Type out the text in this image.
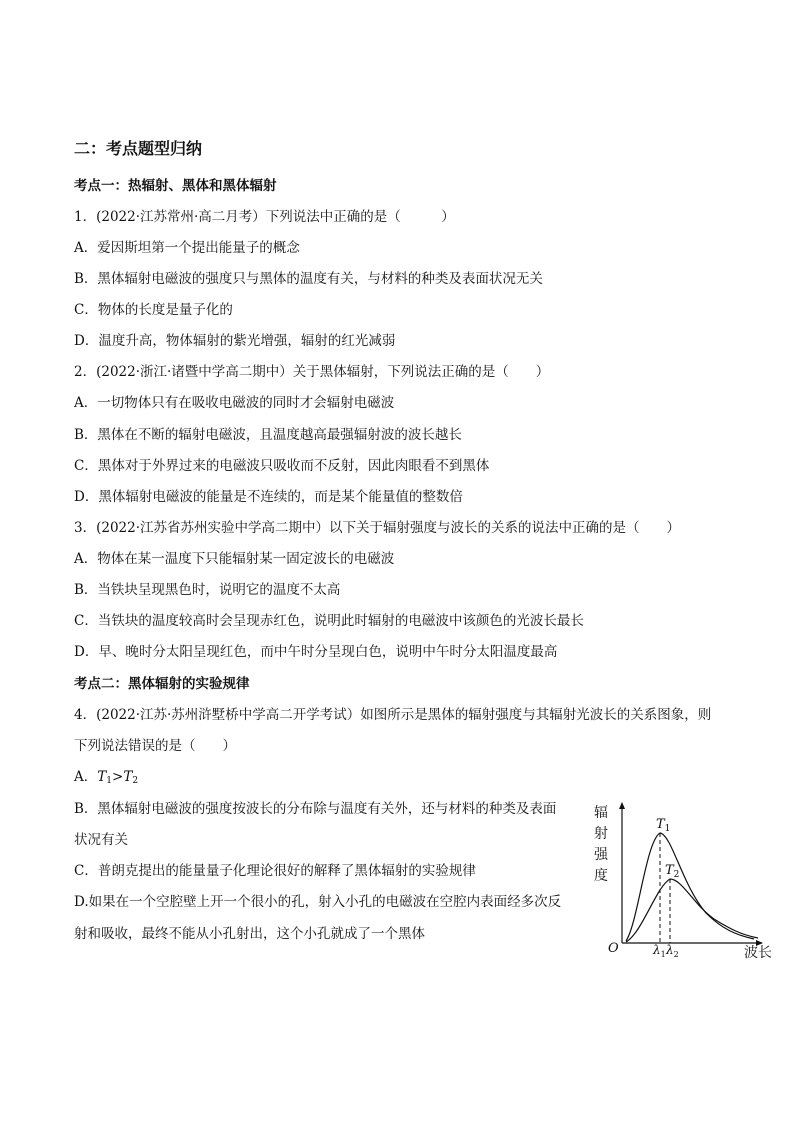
二：考点题型归纳
考点一：热辐射、黑体和黑体辐射
1．(2022·江苏常州·高二月考）下列说法中正确的是（　　　）
A．爱因斯坦第一个提出能量子的概念
B．黑体辐射电磁波的强度只与黑体的温度有关，与材料的种类及表面状况无关
C．物体的长度是量子化的
D．温度升高，物体辐射的紫光增强，辐射的红光减弱
2．(2022·浙江·诸暨中学高二期中）关于黑体辐射，下列说法正确的是（　　）
A．一切物体只有在吸收电磁波的同时才会辐射电磁波
B．黑体在不断的辐射电磁波，且温度越高最强辐射波的波长越长
C．黑体对于外界过来的电磁波只吸收而不反射，因此肉眼看不到黑体
D．黑体辐射电磁波的能量是不连续的，而是某个能量值的整数倍
3．(2022·江苏省苏州实验中学高二期中）以下关于辐射强度与波长的关系的说法中正确的是（　　）
A．物体在某一温度下只能辐射某一固定波长的电磁波
B．当铁块呈现黑色时，说明它的温度不太高
C．当铁块的温度较高时会呈现赤红色，说明此时辐射的电磁波中该颜色的光波长最长
D．早、晚时分太阳呈现红色，而中午时分呈现白色，说明中午时分太阳温度最高
考点二：黑体辐射的实验规律
4．(2022·江苏·苏州浒墅桥中学高二开学考试）如图所示是黑体的辐射强度与其辐射光波长的关系图象，则
下列说法错误的是（　　）
A．$T_1>T_2$
B．黑体辐射电磁波的强度按波长的分布除与温度有关外，还与材料的种类及表面
状况有关
C．普朗克提出的能量量子化理论很好的解释了黑体辐射的实验规律
D.如果在一个空腔壁上开一个很小的孔，射入小孔的电磁波在空腔内表面经多次反
射和吸收，最终不能从小孔射出，这个小孔就成了一个黑体
辐
射
强
度
O	波长
$T_1$
$T_2$
$\lambda_1$ $\lambda_2$
